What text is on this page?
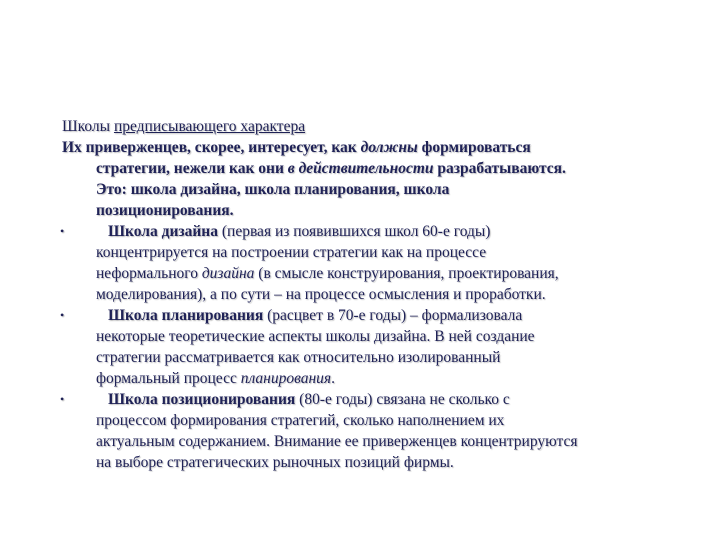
Школы предписывающего характера
Их приверженцев, скорее, интересует, как должны формироваться
стратегии, нежели как они в действительности разрабатываются.
Это: школа дизайна, школа планирования, школа
позиционирования.
•	Школа дизайна (первая из появившихся школ 60-е годы)
концентрируется на построении стратегии как на процессе
неформального дизайна (в смысле конструирования, проектирования,
моделирования), а по сути – на процессе осмысления и проработки.
•	Школа планирования (расцвет в 70-е годы) – формализовала
некоторые теоретические аспекты школы дизайна. В ней создание
стратегии рассматривается как относительно изолированный
формальный процесс планирования.
•	Школа позиционирования (80-е годы) связана не сколько с
процессом формирования стратегий, сколько наполнением их
актуальным содержанием. Внимание ее приверженцев концентрируются
на выборе стратегических рыночных позиций фирмы.
